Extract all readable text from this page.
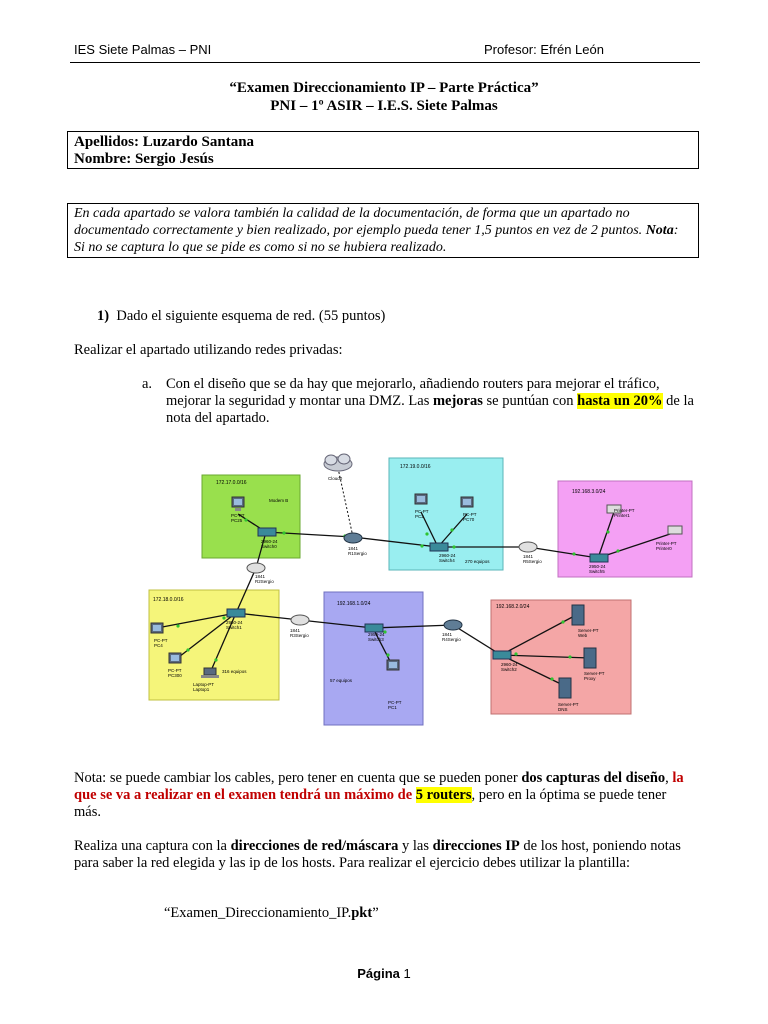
IES Siete Palmas – PNI	Profesor: Efrén León
“Examen Direccionamiento IP – Parte Práctica”
PNI – 1º ASIR – I.E.S. Siete Palmas

Apellidos: Luzardo Santana

Nombre: Sergio Jesús

En cada apartado se valora también la calidad de la documentación, de forma que un apartado no documentado correctamente y bien realizado, por ejemplo pueda tener 1,5 puntos en vez de 2 puntos. Nota: Si no se captura lo que se pide es como si no se hubiera realizado.
1) Dado el siguiente esquema de red. (55 puntos)
Realizar el apartado utilizando redes privadas:
a. Con el diseño que se da hay que mejorarlo, añadiendo routers para mejorar el tráfico, mejorar la seguridad y montar una DMZ. Las mejoras se puntúan con hasta un 20% de la nota del apartado.
172.17.0.0/16
172.19.0.0/16
192.168.3.0/24
172.18.0.0/16
192.168.1.0/24	192.168.2.0/24
Cloud0
PC-PT PC25
Modem B
2960-24 Switch0	1841 R1Sergio
PC-PT PC2	PC-PT PC70
2960-24 Switch4 270 equipos
1841 R5Sergio
Printer-PT Printer1
Printer-PT Printer0
2950-24 Switch5
1841 R2Sergio
2950-24 Switch1
PC-PT PC4
PC-PT PC300
Laptop-PT Laptop1
316 equipos
1841 R3Sergio	2950-24 Switch3
57 equipos
PC-PT PC1
1841 R4Sergio
Server-PT Web
2960-24 Switch2
Server-PT Proxy
Server-PT DNS
Nota: se puede cambiar los cables, pero tener en cuenta que se pueden poner dos capturas del diseño, la que se va a realizar en el examen tendrá un máximo de 5 routers, pero en la óptima se puede tener más.
Realiza una captura con la direcciones de red/máscara y las direcciones IP de los host, poniendo notas para saber la red elegida y las ip de los hosts. Para realizar el ejercicio debes utilizar la plantilla:
“Examen_Direccionamiento_IP.pkt”
Página 1
